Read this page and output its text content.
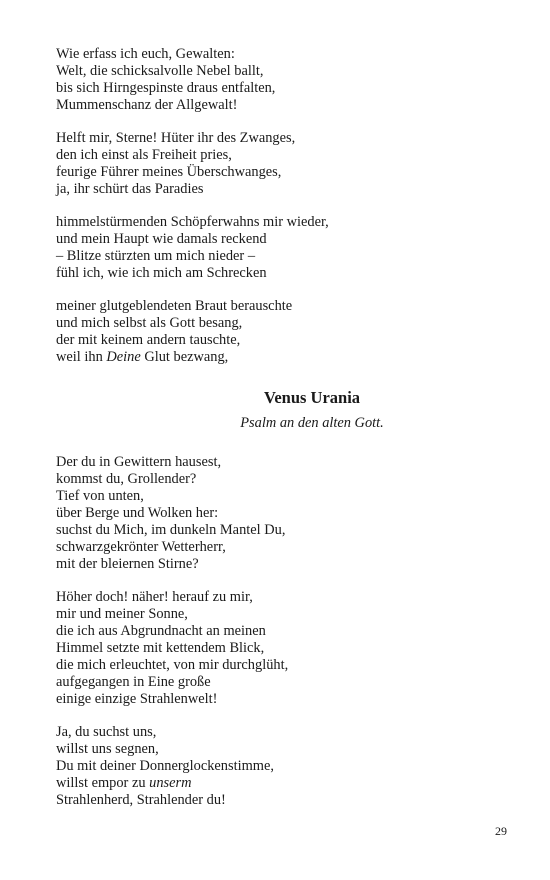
Wie erfass ich euch, Gewalten:
Welt, die schicksalvolle Nebel ballt,
bis sich Hirngespinste draus entfalten,
Mummenschanz der Allgewalt!
Helft mir, Sterne! Hüter ihr des Zwanges,
den ich einst als Freiheit pries,
feurige Führer meines Überschwanges,
ja, ihr schürt das Paradies
himmelstürmenden Schöpferwahns mir wieder,
und mein Haupt wie damals reckend
– Blitze stürzten um mich nieder –
fühl ich, wie ich mich am Schrecken
meiner glutgeblendeten Braut berauschte
und mich selbst als Gott besang,
der mit keinem andern tauschte,
weil ihn Deine Glut bezwang,
Venus Urania
Psalm an den alten Gott.
Der du in Gewittern hausest,
kommst du, Grollender?
Tief von unten,
über Berge und Wolken her:
suchst du Mich, im dunkeln Mantel Du,
schwarzgekrönter Wetterherr,
mit der bleiernen Stirne?
Höher doch! näher! herauf zu mir,
mir und meiner Sonne,
die ich aus Abgrundnacht an meinen
Himmel setzte mit kettendem Blick,
die mich erleuchtet, von mir durchglüht,
aufgegangen in Eine große
einige einzige Strahlenwelt!
Ja, du suchst uns,
willst uns segnen,
Du mit deiner Donnerglockenstimme,
willst empor zu unserm
Strahlenherd, Strahlender du!
29
